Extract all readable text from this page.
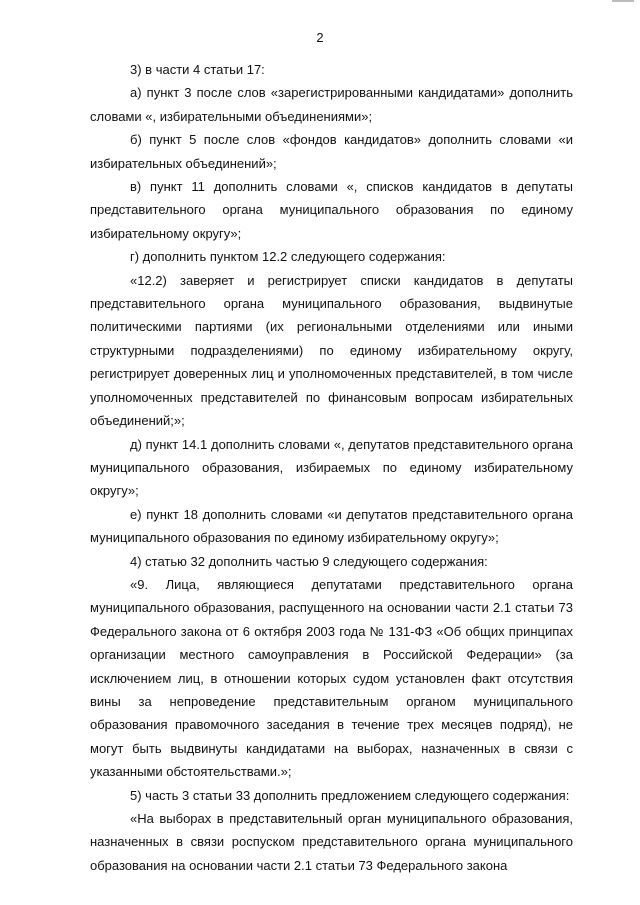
2

3) в части 4 статьи 17:

а) пункт 3 после слов «зарегистрированными кандидатами» дополнить словами «, избирательными объединениями»;

б) пункт 5 после слов «фондов кандидатов» дополнить словами «и избирательных объединений»;

в) пункт 11 дополнить словами «, списков кандидатов в депутаты представительного органа муниципального образования по единому избирательному округу»;

г) дополнить пунктом 12.2 следующего содержания:

«12.2) заверяет и регистрирует списки кандидатов в депутаты представительного органа муниципального образования, выдвинутые политическими партиями (их региональными отделениями или иными структурными подразделениями) по единому избирательному округу, регистрирует доверенных лиц и уполномоченных представителей, в том числе уполномоченных представителей по финансовым вопросам избирательных объединений;»;

д) пункт 14.1 дополнить словами «, депутатов представительного органа муниципального образования, избираемых по единому избирательному округу»;

е) пункт 18 дополнить словами «и депутатов представительного органа муниципального образования по единому избирательному округу»;

4) статью 32 дополнить частью 9 следующего содержания:

«9. Лица, являющиеся депутатами представительного органа муниципального образования, распущенного на основании части 2.1 статьи 73 Федерального закона от 6 октября 2003 года № 131-ФЗ «Об общих принципах организации местного самоуправления в Российской Федерации» (за исключением лиц, в отношении которых судом установлен факт отсутствия вины за непроведение представительным органом муниципального образования правомочного заседания в течение трех месяцев подряд), не могут быть выдвинуты кандидатами на выборах, назначенных в связи с указанными обстоятельствами.»;

5) часть 3 статьи 33 дополнить предложением следующего содержания:

«На выборах в представительный орган муниципального образования, назначенных в связи роспуском представительного органа муниципального образования на основании части 2.1 статьи 73 Федерального закона
